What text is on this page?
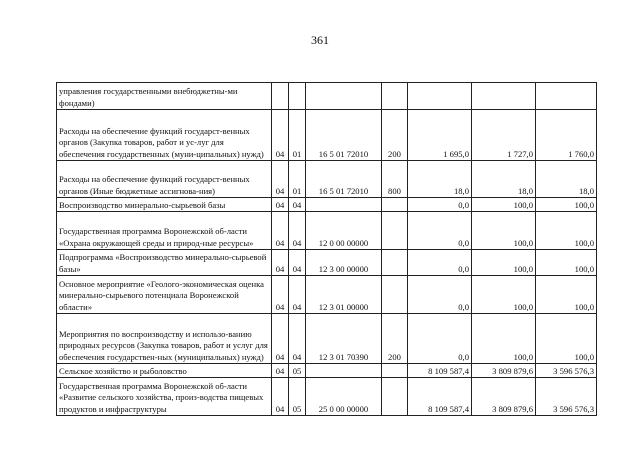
361
управления государственными внебюджетны-ми фондами)							
Расходы на обеспечение функций государст-венных органов (Закупка товаров, работ и ус-луг для обеспечения государственных (муни-ципальных) нужд)	04	01	16 5 01 72010	200	1 695,0	1 727,0	1 760,0
Расходы на обеспечение функций государст-венных органов (Иные бюджетные ассигнова-ния)	04	01	16 5 01 72010	800	18,0	18,0	18,0
Воспроизводство минерально-сырьевой базы	04	04			0,0	100,0	100,0
Государственная программа Воронежской об-ласти «Охрана окружающей среды и природ-ные ресурсы»	04	04	12 0 00 00000		0,0	100,0	100,0
Подпрограмма «Воспроизводство минерально-сырьевой базы»	04	04	12 3 00 00000		0,0	100,0	100,0
Основное мероприятие «Геолого-экономическая оценка минерально-сырьевого потенциала Воронежской области»	04	04	12 3 01 00000		0,0	100,0	100,0
Мероприятия по воспроизводству и использо-ванию природных ресурсов (Закупка товаров, работ и услуг для обеспечения государствен-ных (муниципальных) нужд)	04	04	12 3 01 70390	200	0,0	100,0	100,0
Сельское хозяйство и рыболовство	04	05			8 109 587,4	3 809 879,6	3 596 576,3
Государственная программа Воронежской об-ласти «Развитие сельского хозяйства, произ-водства пищевых продуктов и инфраструктуры	04	05	25 0 00 00000		8 109 587,4	3 809 879,6	3 596 576,3
